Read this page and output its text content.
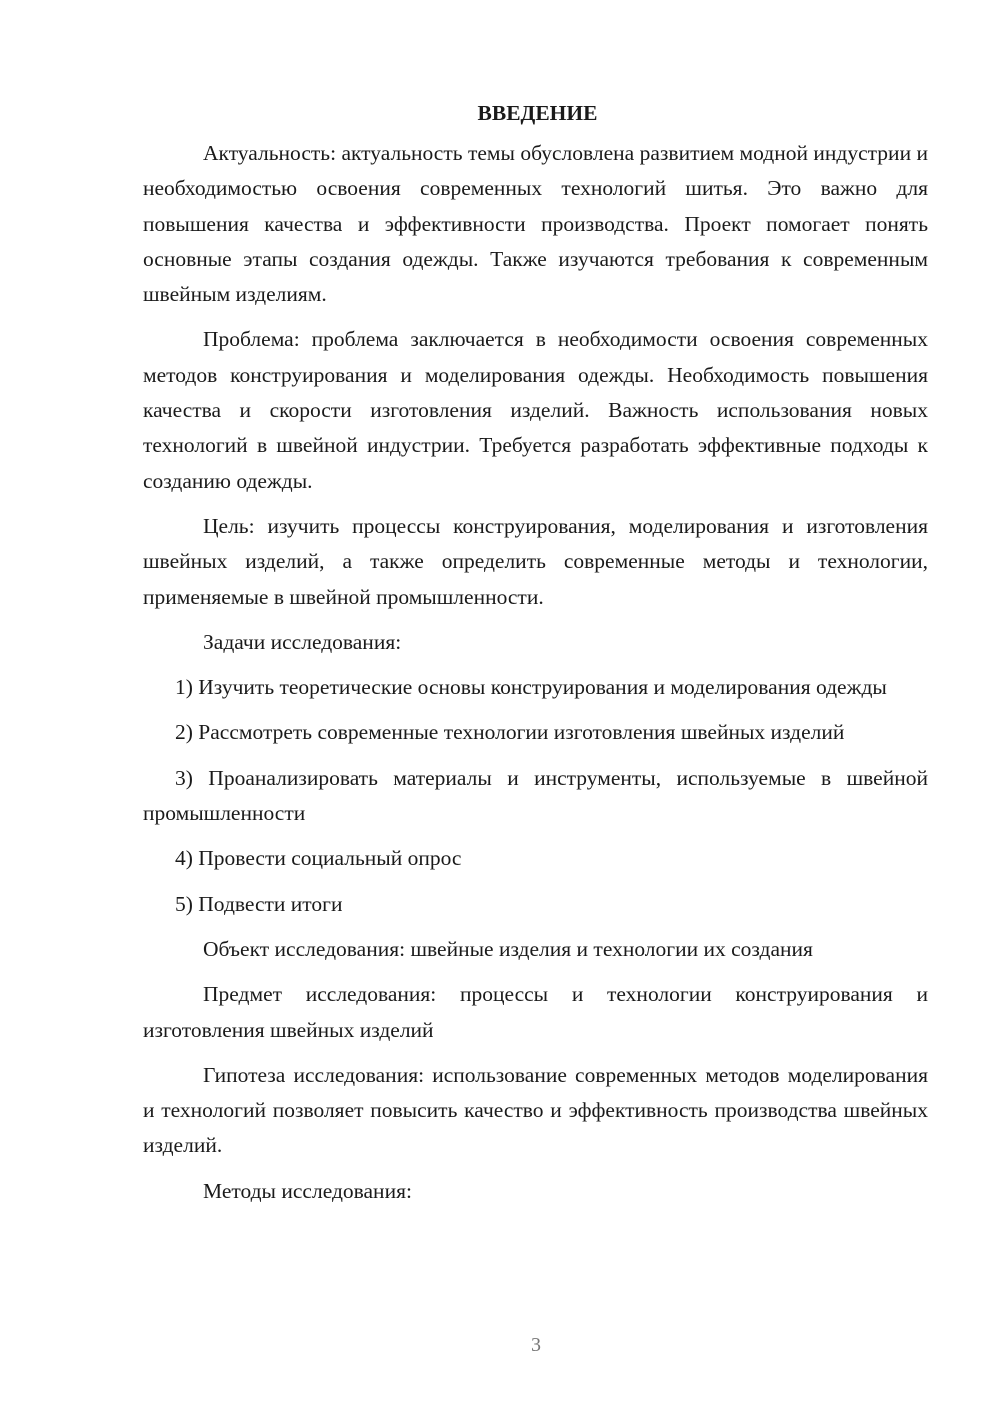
ВВЕДЕНИЕ

Актуальность: актуальность темы обусловлена развитием модной индустрии и необходимостью освоения современных технологий шитья. Это важно для повышения качества и эффективности производства. Проект помогает понять основные этапы создания одежды. Также изучаются требования к современным швейным изделиям.

Проблема: проблема заключается в необходимости освоения современных методов конструирования и моделирования одежды. Необходимость повышения качества и скорости изготовления изделий. Важность использования новых технологий в швейной индустрии. Требуется разработать эффективные подходы к созданию одежды.

Цель: изучить процессы конструирования, моделирования и изготовления швейных изделий, а также определить современные методы и технологии, применяемые в швейной промышленности.

Задачи исследования:

1) Изучить теоретические основы конструирования и моделирования одежды

2) Рассмотреть современные технологии изготовления швейных изделий

3) Проанализировать материалы и инструменты, используемые в швейной промышленности

4) Провести социальный опрос

5) Подвести итоги

Объект исследования: швейные изделия и технологии их создания

Предмет исследования: процессы и технологии конструирования и изготовления швейных изделий

Гипотеза исследования: использование современных методов моделирования и технологий позволяет повысить качество и эффективность производства швейных изделий.

Методы исследования:

3
